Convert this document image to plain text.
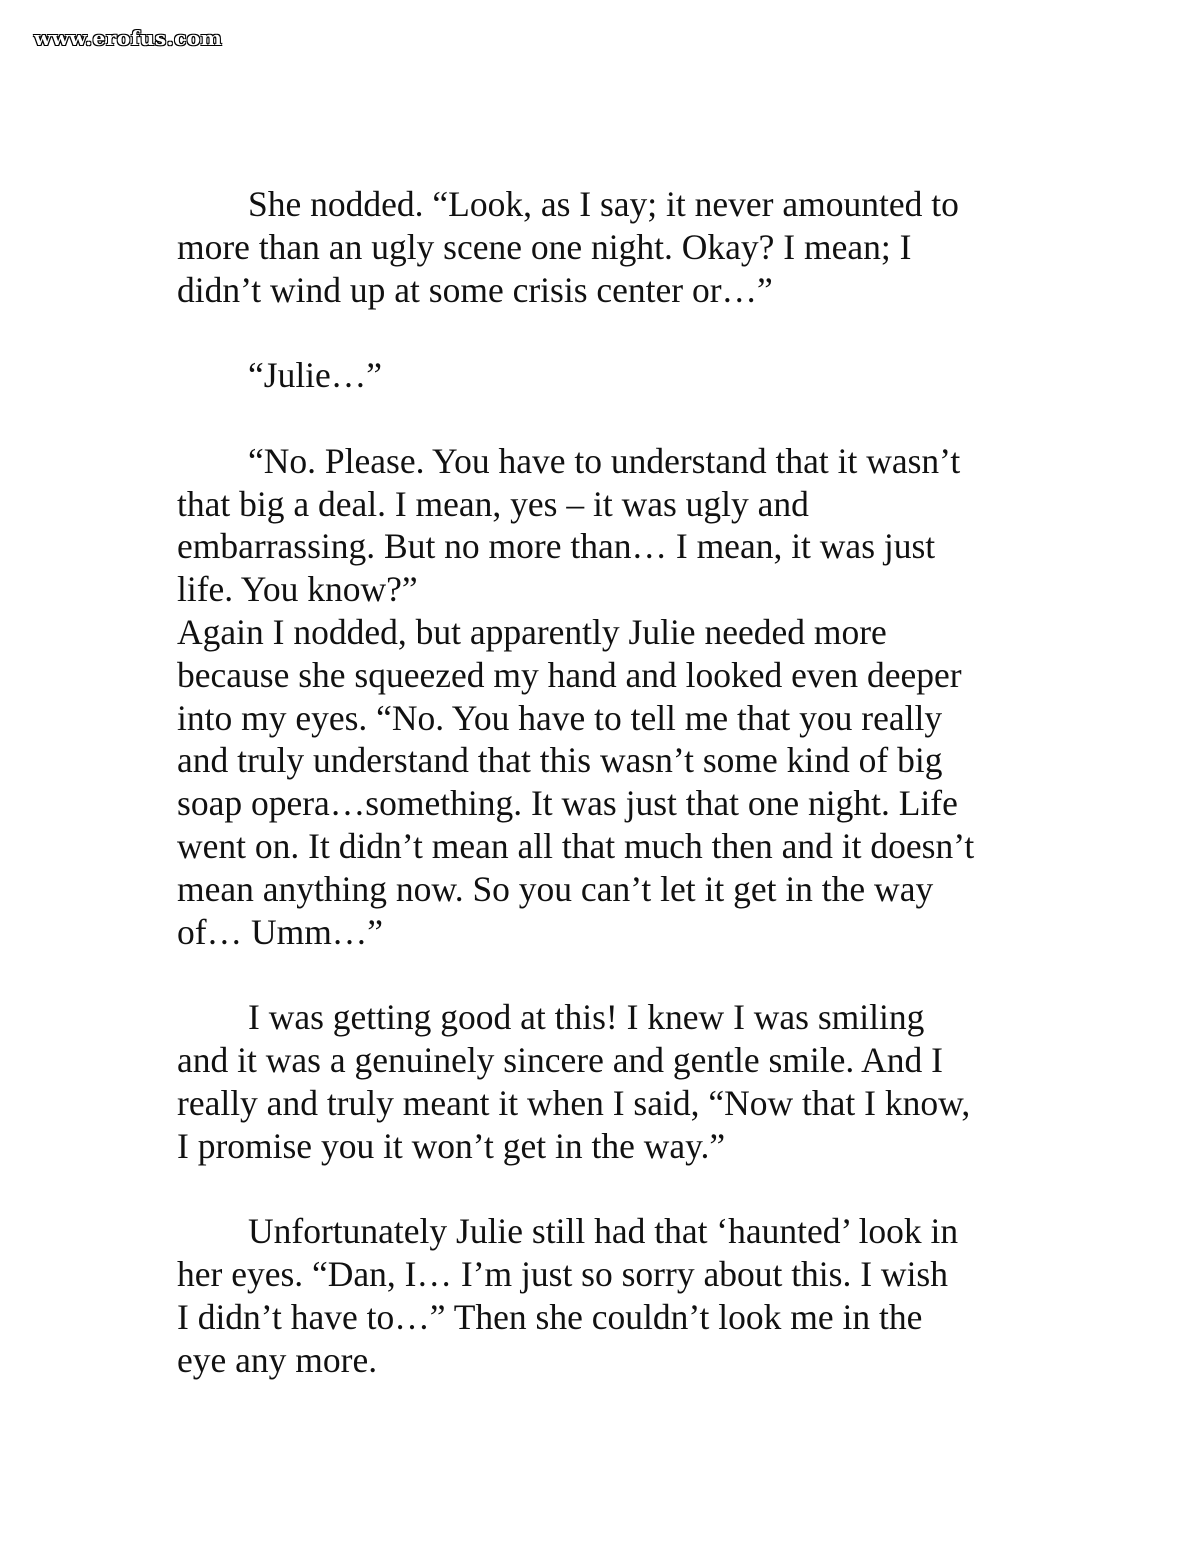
www.erofus.com

She nodded. “Look, as I say; it never amounted to
more than an ugly scene one night. Okay? I mean; I
didn’t wind up at some crisis center or…”

“Julie…”

“No. Please. You have to understand that it wasn’t
that big a deal. I mean, yes – it was ugly and
embarrassing. But no more than… I mean, it was just
life. You know?”

Again I nodded, but apparently Julie needed more
because she squeezed my hand and looked even deeper
into my eyes. “No. You have to tell me that you really
and truly understand that this wasn’t some kind of big
soap opera…something. It was just that one night. Life
went on. It didn’t mean all that much then and it doesn’t
mean anything now. So you can’t let it get in the way
of… Umm…”

I was getting good at this! I knew I was smiling
and it was a genuinely sincere and gentle smile. And I
really and truly meant it when I said, “Now that I know,
I promise you it won’t get in the way.”

Unfortunately Julie still had that ‘haunted’ look in
her eyes. “Dan, I… I’m just so sorry about this. I wish
I didn’t have to…” Then she couldn’t look me in the
eye any more.
